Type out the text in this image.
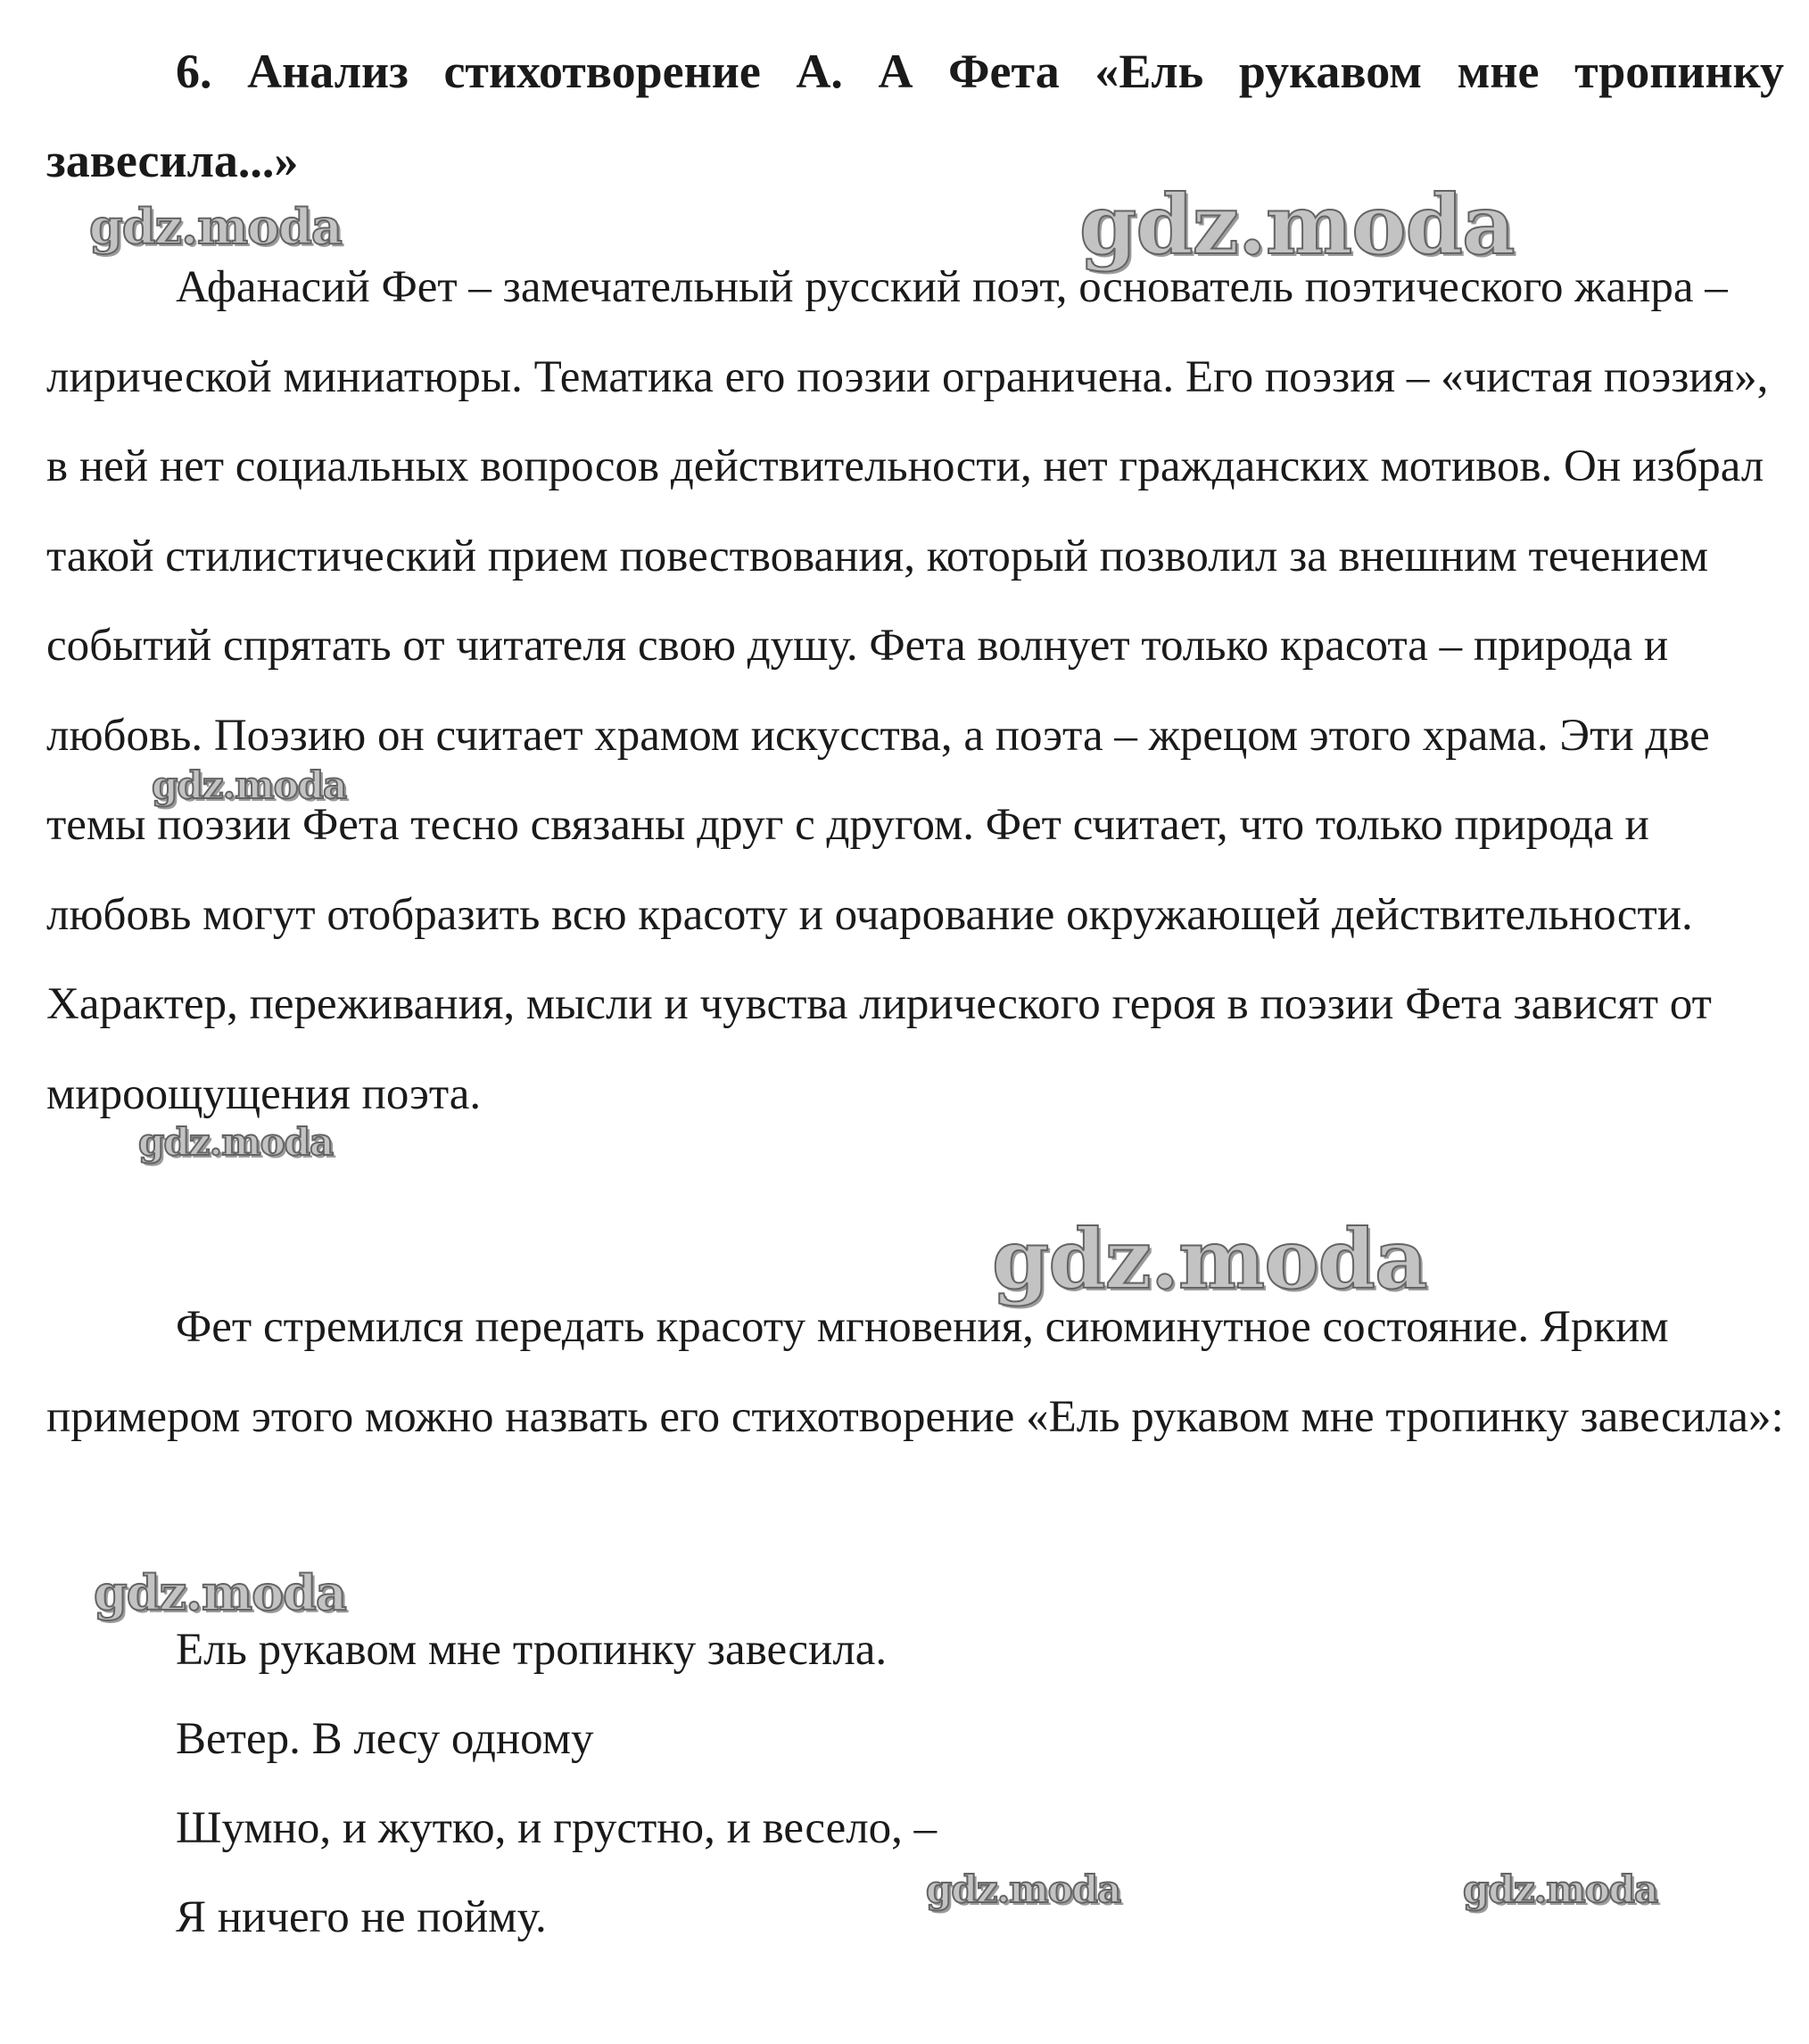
6. Анализ стихотворение А. А Фета «Ель рукавом мне тропинку завесила...»

Афанасий Фет – замечательный русский поэт, основатель поэтического жанра – лирической миниатюры. Тематика его поэзии ограничена. Его поэзия – «чистая поэзия», в ней нет социальных вопросов действительности, нет гражданских мотивов. Он избрал такой стилистический прием повествования, который позволил за внешним течением событий спрятать от читателя свою душу. Фета волнует только красота – природа и любовь. Поэзию он считает храмом искусства, а поэта – жрецом этого храма. Эти две темы поэзии Фета тесно связаны друг с другом. Фет считает, что только природа и любовь могут отобразить всю красоту и очарование окружающей действительности. Характер, переживания, мысли и чувства лирического героя в поэзии Фета зависят от мироощущения поэта.

Фет стремился передать красоту мгновения, сиюминутное состояние. Ярким примером этого можно назвать его стихотворение «Ель рукавом мне тропинку завесила»:

Ель рукавом мне тропинку завесила.
Ветер. В лесу одному
Шумно, и жутко, и грустно, и весело, –
Я ничего не пойму.
gdz.moda	gdz.moda
gdz.moda
gdz.moda
gdz.moda
gdz.moda
gdz.moda	gdz.moda
